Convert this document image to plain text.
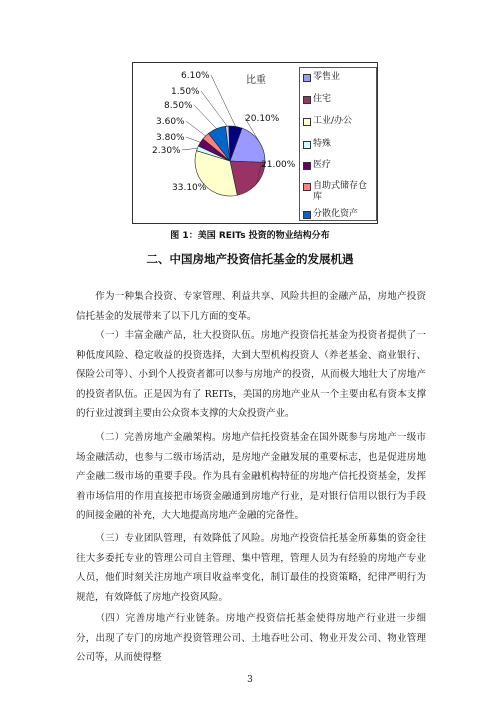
20.10%
21.00%
33.10%
2.30%
3.80%
3.60%
8.50%
1.50%
6.10%	比重	零售业
住宅
工业/办公
特殊
医疗
自助式储存仓库
分散化资产
图 1：美国 REITs 投资的物业结构分布
二、中国房地产投资信托基金的发展机遇
作为一种集合投资、专家管理、利益共享、风险共担的金融产品，房地产投资信托基金的发展带来了以下几方面的变革。
（一）丰富金融产品，壮大投资队伍。房地产投资信托基金为投资者提供了一种低度风险、稳定收益的投资选择，大到大型机构投资人（养老基金、商业银行、保险公司等）、小到个人投资者都可以参与房地产的投资，从而极大地壮大了房地产的投资者队伍。正是因为有了 REITs，美国的房地产业从一个主要由私有资本支撑的行业过渡到主要由公众资本支撑的大众投资产业。
（二）完善房地产金融架构。房地产信托投资基金在国外既参与房地产一级市场金融活动，也参与二级市场活动，是房地产金融发展的重要标志，也是促进房地产金融二级市场的重要手段。作为具有金融机构特征的房地产信托投资基金，发挥着市场信用的作用直接把市场资金融通到房地产行业，是对银行信用以银行为手段的间接金融的补充，大大地提高房地产金融的完备性。
（三）专业团队管理，有效降低了风险。房地产投资信托基金所募集的资金往往大多委托专业的管理公司自主管理、集中管理，管理人员为有经验的房地产专业人员，他们时刻关注房地产项目收益率变化，制订最佳的投资策略，纪律严明行为规范，有效降低了房地产投资风险。
（四）完善房地产行业链条。房地产投资信托基金使得房地产行业进一步细分，出现了专门的房地产投资管理公司、土地吞吐公司、物业开发公司、物业管理公司等，从而使得整
3
